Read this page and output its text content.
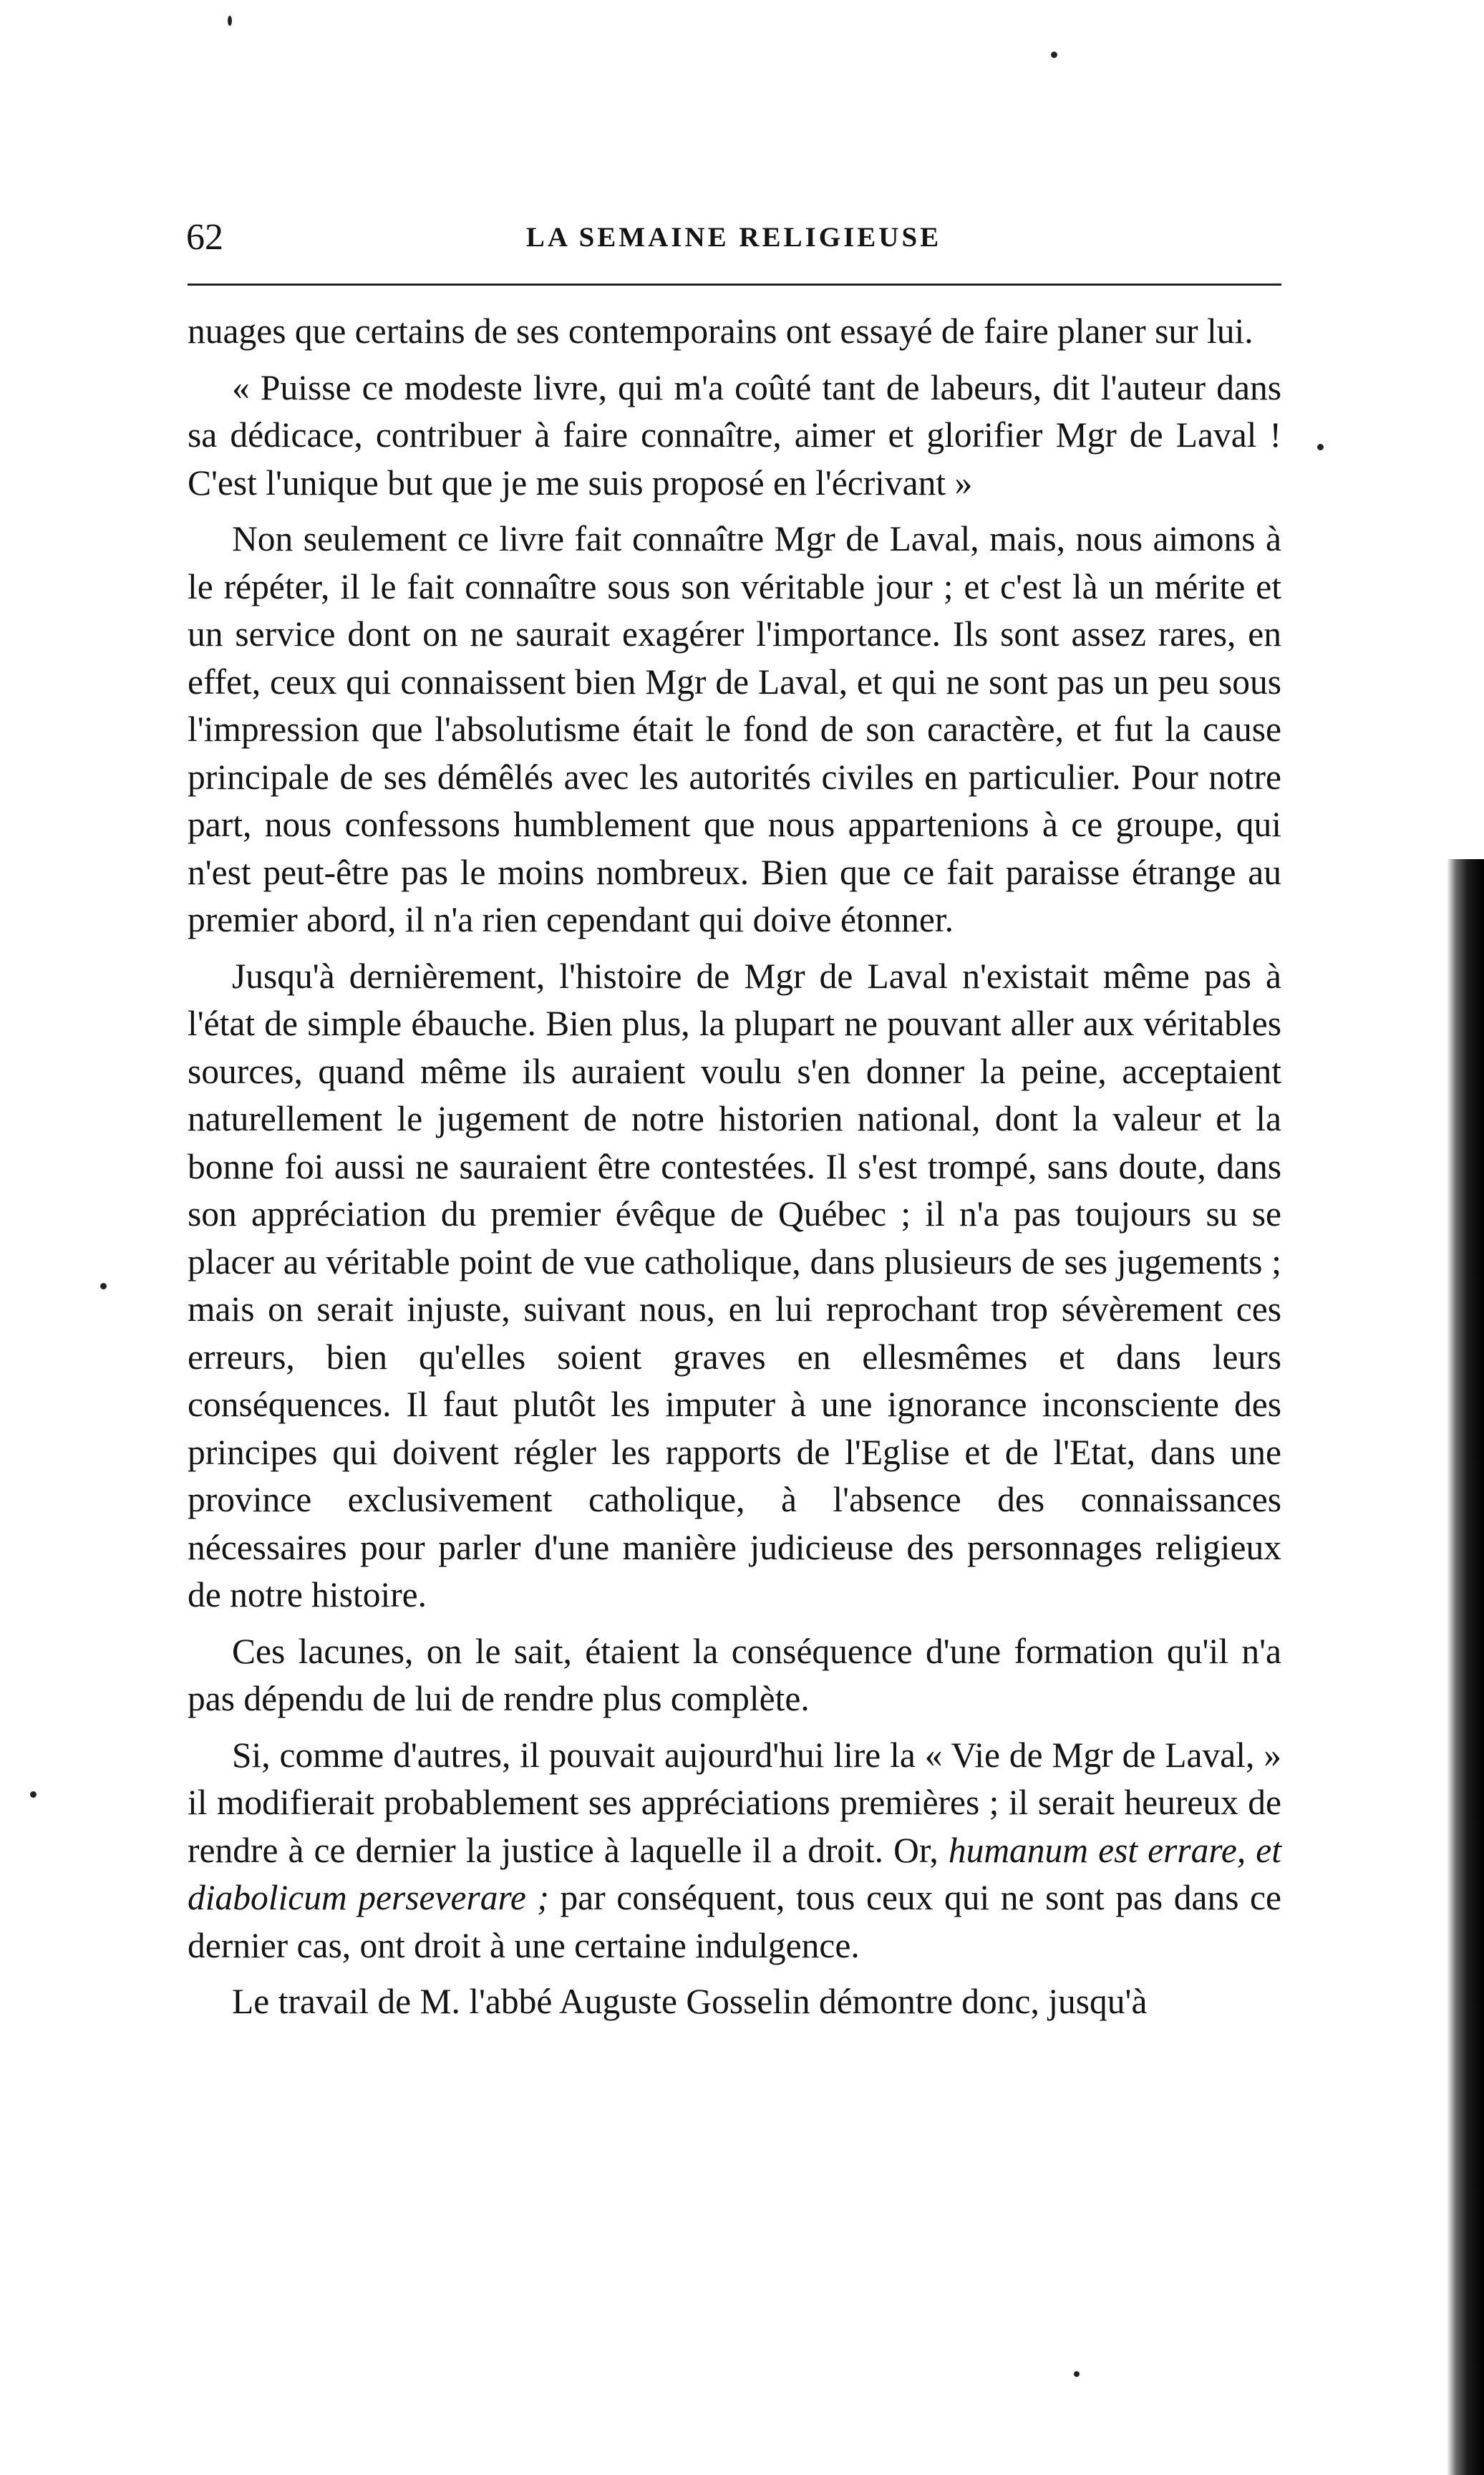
62	LA SEMAINE RELIGIEUSE

nuages que certains de ses contemporains ont essayé de faire planer sur lui.

« Puisse ce modeste livre, qui m'a coûté tant de labeurs, dit l'auteur dans sa dédicace, contribuer à faire connaître, aimer et glorifier Mgr de Laval ! C'est l'unique but que je me suis proposé en l'écrivant »

Non seulement ce livre fait connaître Mgr de Laval, mais, nous aimons à le répéter, il le fait connaître sous son véritable jour ; et c'est là un mérite et un service dont on ne saurait exagérer l'importance. Ils sont assez rares, en effet, ceux qui connaissent bien Mgr de Laval, et qui ne sont pas un peu sous l'impression que l'absolutisme était le fond de son caractère, et fut la cause principale de ses démêlés avec les autorités civiles en particulier. Pour notre part, nous confessons humblement que nous appartenions à ce groupe, qui n'est peut-être pas le moins nombreux. Bien que ce fait paraisse étrange au premier abord, il n'a rien cependant qui doive étonner.

Jusqu'à dernièrement, l'histoire de Mgr de Laval n'existait même pas à l'état de simple ébauche. Bien plus, la plupart ne pouvant aller aux véritables sources, quand même ils auraient voulu s'en donner la peine, acceptaient naturellement le jugement de notre historien national, dont la valeur et la bonne foi aussi ne sauraient être contestées. Il s'est trompé, sans doute, dans son appréciation du premier évêque de Québec ; il n'a pas toujours su se placer au véritable point de vue catholique, dans plusieurs de ses jugements ; mais on serait injuste, suivant nous, en lui reprochant trop sévèrement ces erreurs, bien qu'elles soient graves en ellesmêmes et dans leurs conséquences. Il faut plutôt les imputer à une ignorance inconsciente des principes qui doivent régler les rapports de l'Eglise et de l'Etat, dans une province exclusivement catholique, à l'absence des connaissances nécessaires pour parler d'une manière judicieuse des personnages religieux de notre histoire.

Ces lacunes, on le sait, étaient la conséquence d'une formation qu'il n'a pas dépendu de lui de rendre plus complète.

Si, comme d'autres, il pouvait aujourd'hui lire la « Vie de Mgr de Laval, » il modifierait probablement ses appréciations premières ; il serait heureux de rendre à ce dernier la justice à laquelle il a droit. Or, humanum est errare, et diabolicum perseverare ; par conséquent, tous ceux qui ne sont pas dans ce dernier cas, ont droit à une certaine indulgence.

Le travail de M. l'abbé Auguste Gosselin démontre donc, jusqu'à
